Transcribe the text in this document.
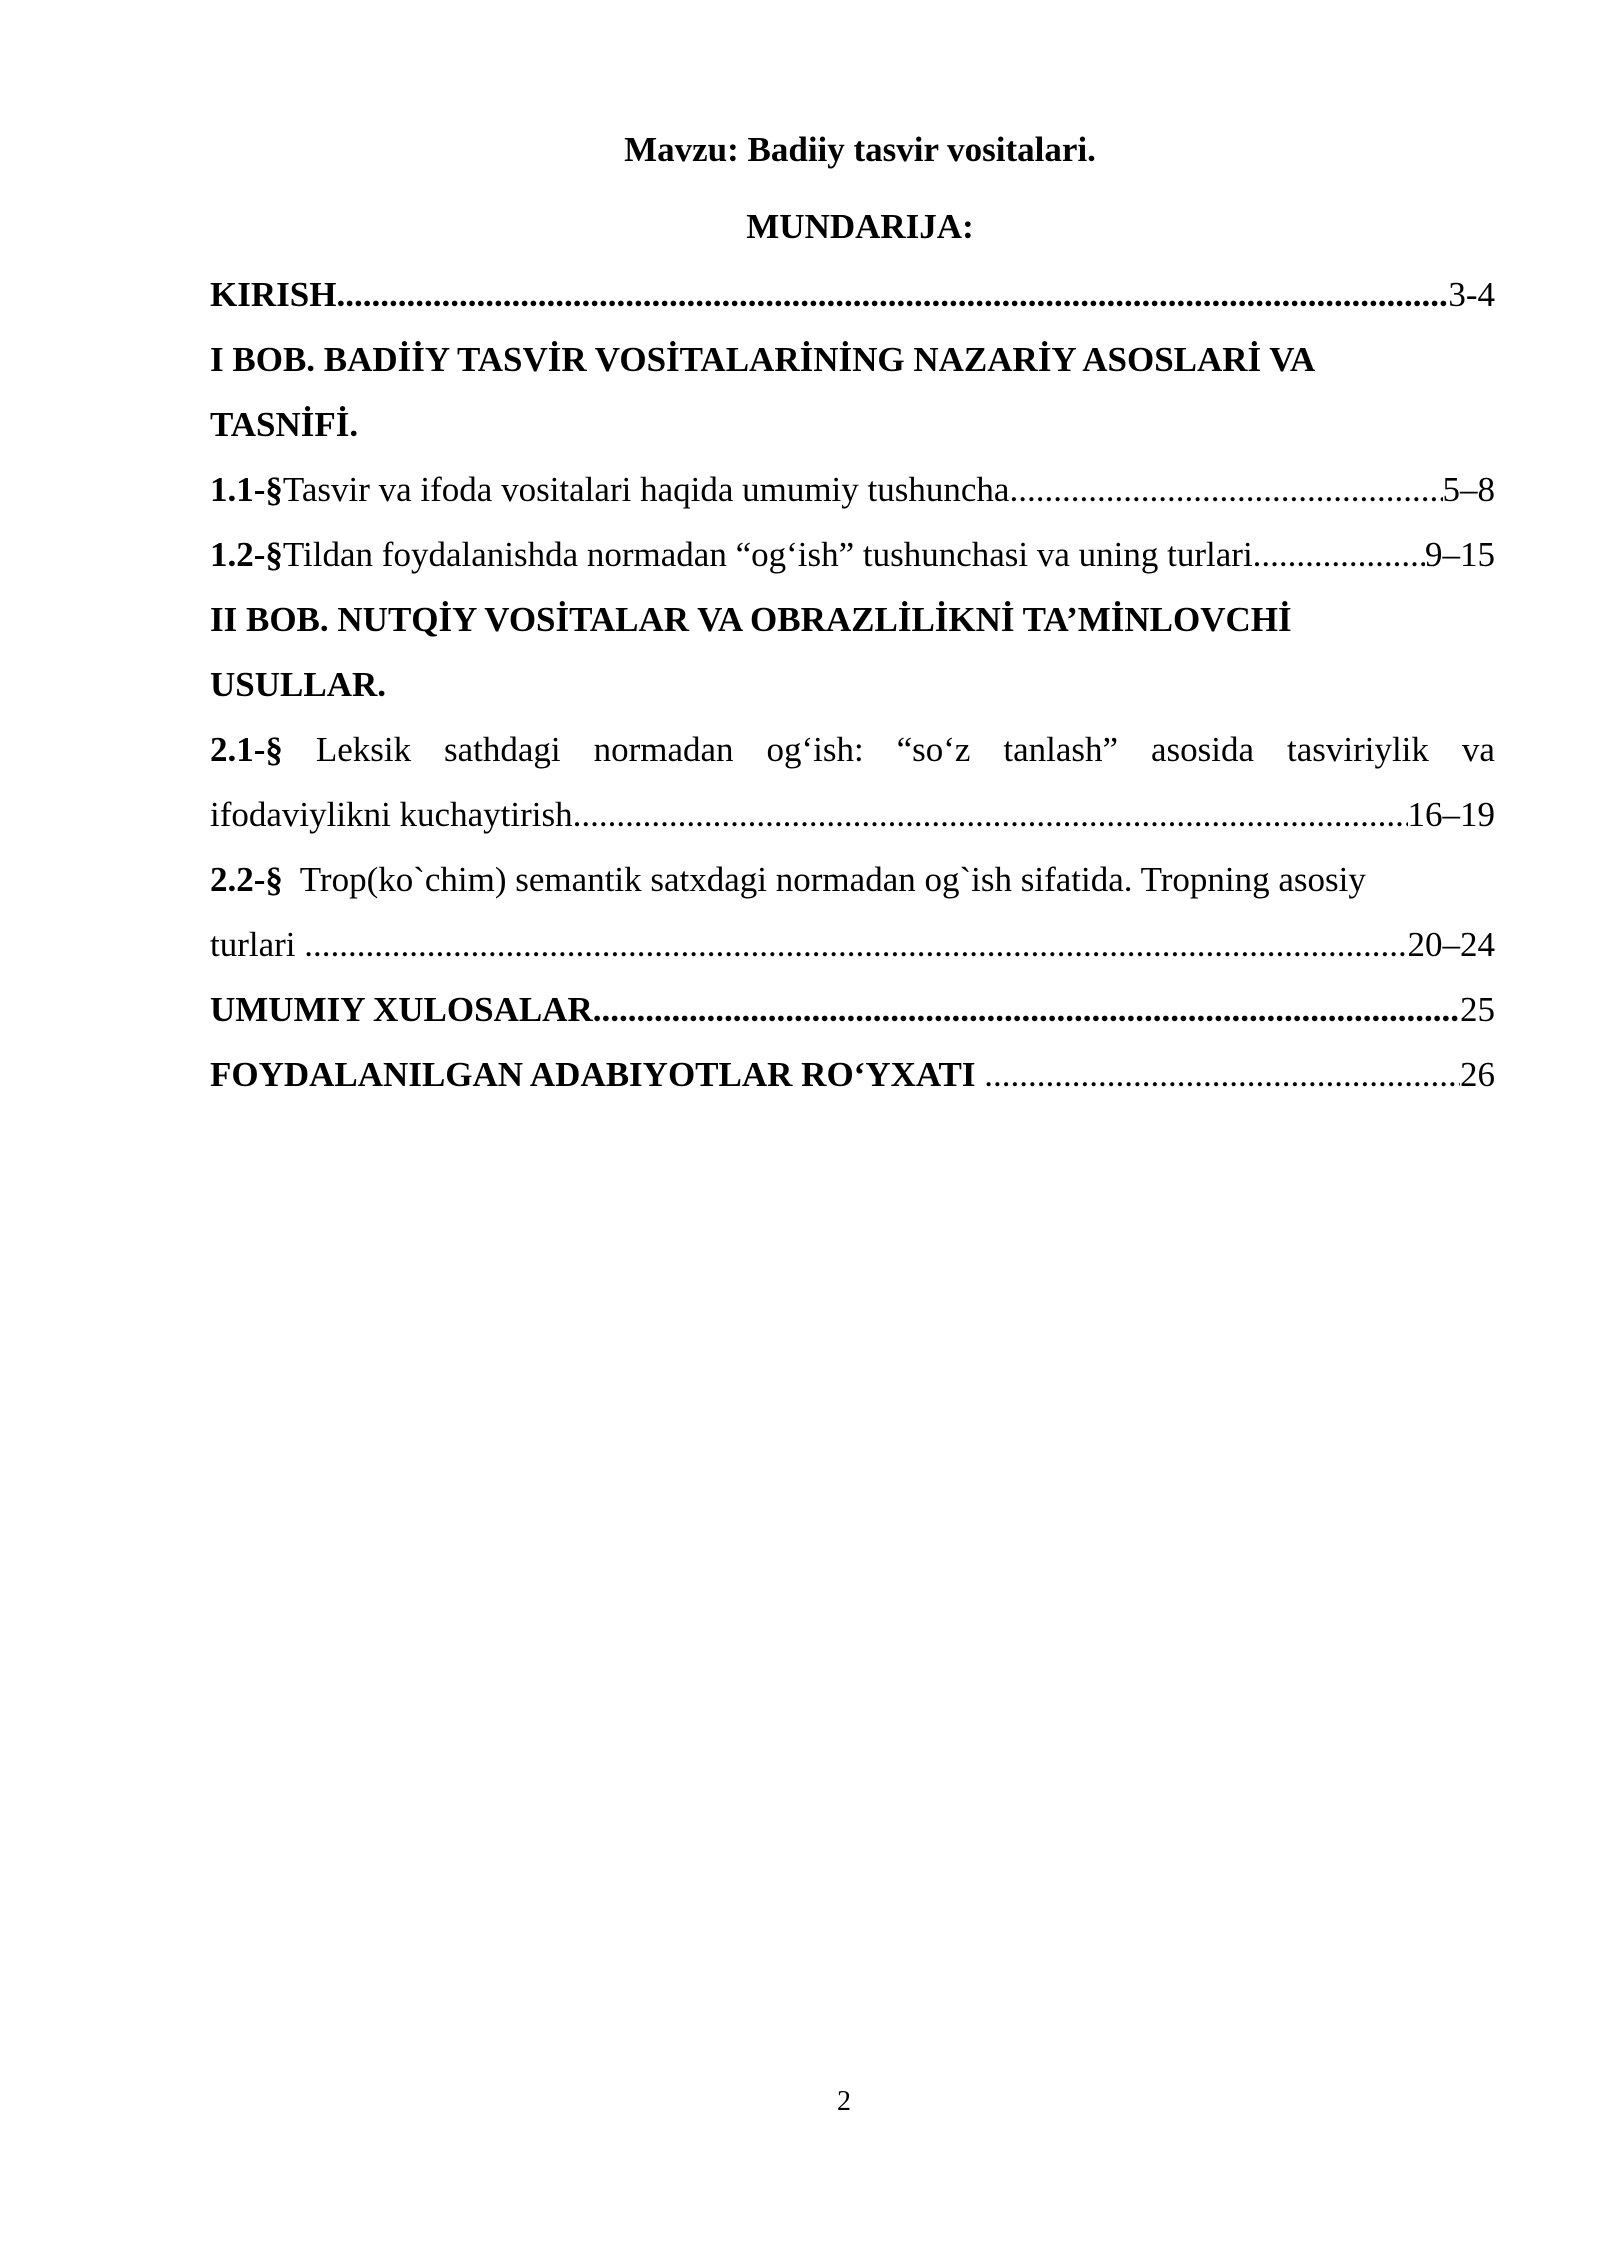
Mavzu: Badiiy tasvir vositalari.
MUNDARIJA:
KIRISH .....	3-4
I BOB. BADİİY TASVİR VOSİTALARİNİNG NAZARİY ASOSLARİ VA
TASNİFİ.
1.1-§ Tasvir va ifoda vositalari haqida umumiy tushuncha .....	5–8
1.2-§ Tildan foydalanishda normadan “og‘ish” tushunchasi va uning turlari .....	9–15
II BOB. NUTQİY VOSİTALAR VA OBRAZLİLİKNİ TA’MİNLOVCHİ
USULLAR.
2.1-§ Leksik sathdagi normadan og‘ish: “so‘z tanlash” asosida tasviriylik va
ifodaviylikni kuchaytirish .....	16–19
2.2-§ Trop(ko`chim) semantik satxdagi normadan og`ish sifatida. Tropning asosiy
turlari .....	20–24
UMUMIY XULOSALAR .....	25
FOYDALANILGAN ADABIYOTLAR RO‘YXATI .....	26
2
